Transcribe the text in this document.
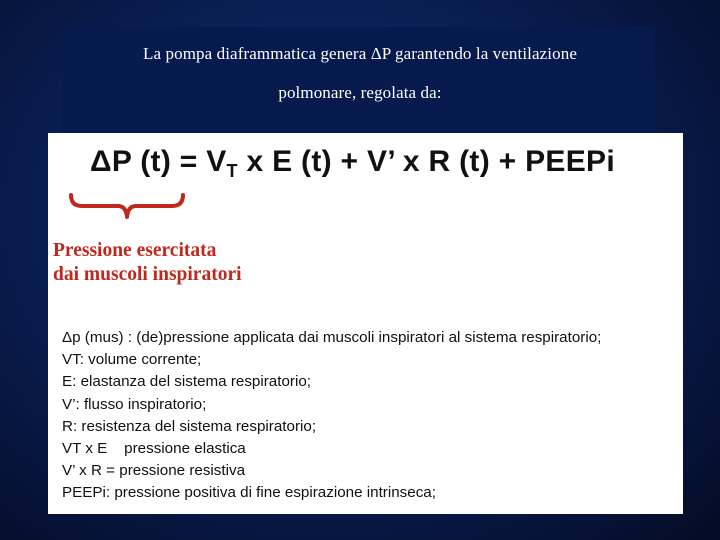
La pompa diaframmatica genera ΔP garantendo la ventilazione
polmonare, regolata da:
ΔP $(t) = V_T$ x E (t) + V’ x R (t) + PEEPi
Pressione esercitata
dai muscoli inspiratori
Δp (mus) : (de)pressione applicata dai muscoli inspiratori al sistema respiratorio;
VT: volume corrente;
E: elastanza del sistema respiratorio;
V’: flusso inspiratorio;
R: resistenza del sistema respiratorio;
VT x E    pressione elastica
V’ x R = pressione resistiva
PEEPi: pressione positiva di fine espirazione intrinseca;
